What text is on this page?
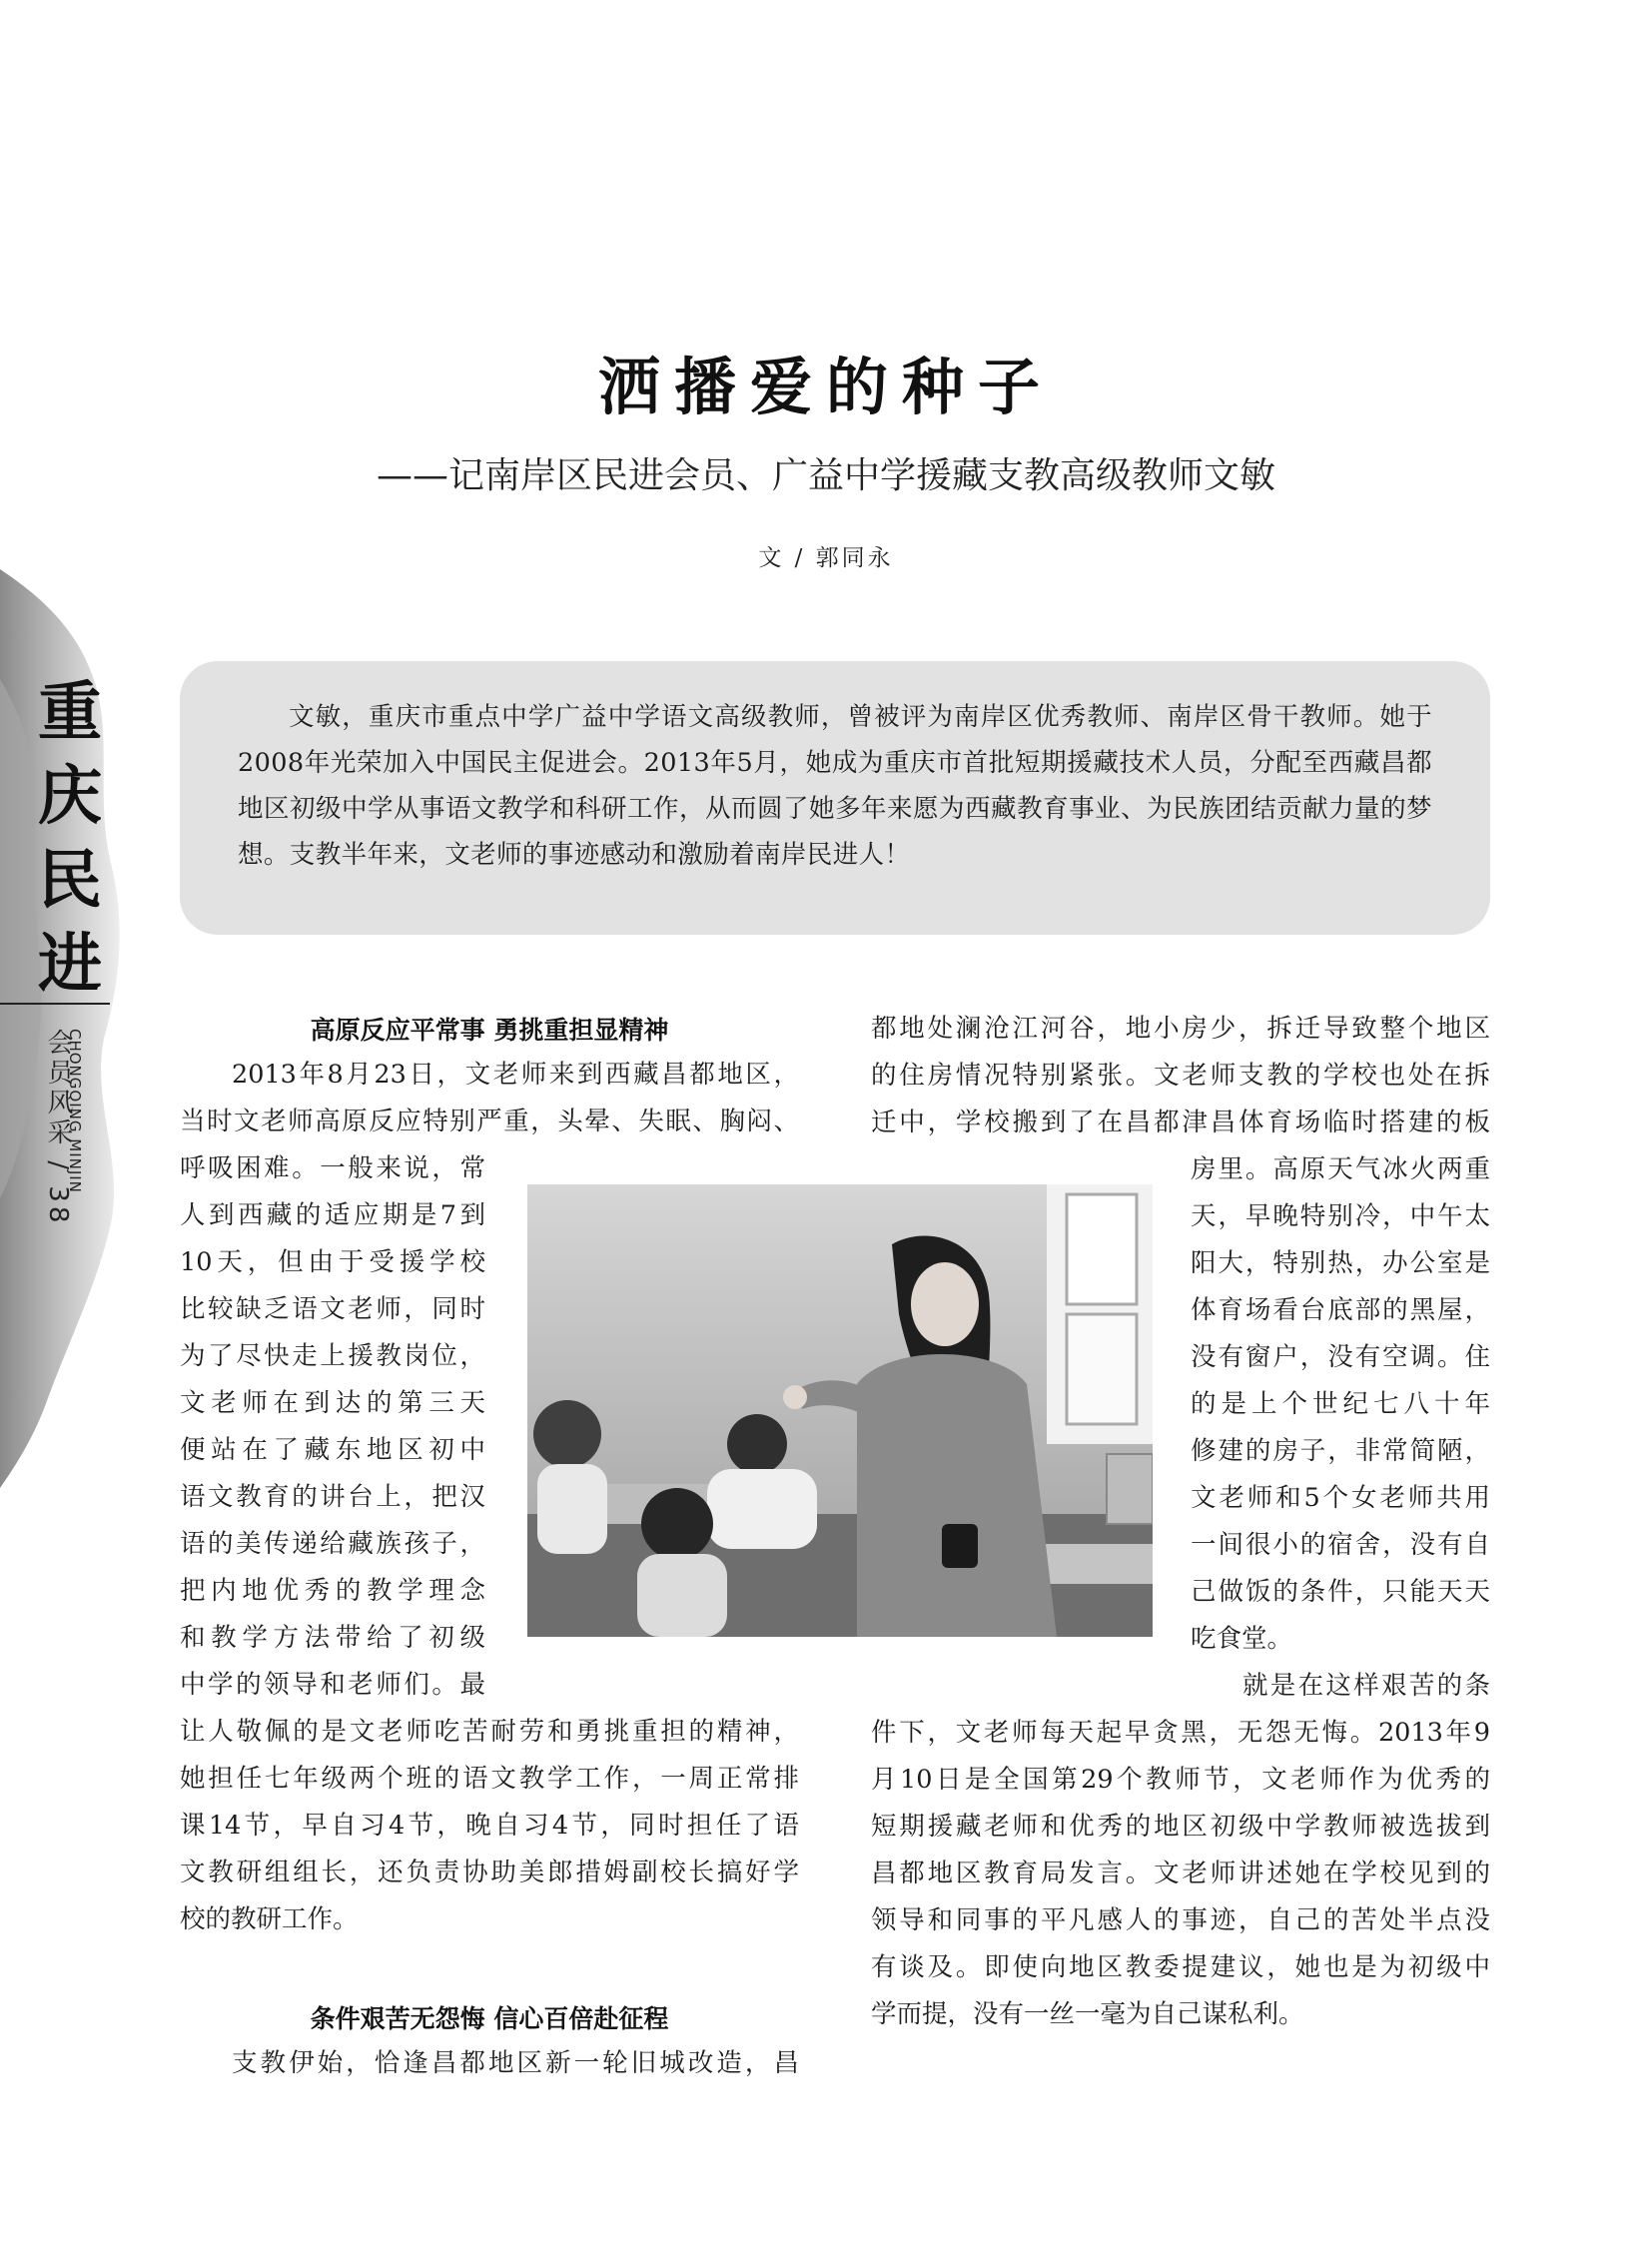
重
庆
民
进
会员风采 / 38
CHONGQING MINJIN
洒播爱的种子
——记南岸区民进会员、广益中学援藏支教高级教师文敏
文 / 郭同永

文敏，重庆市重点中学广益中学语文高级教师，曾被评为南岸区优秀教师、南岸区骨干教师。她于2008年光荣加入中国民主促进会。2013年5月，她成为重庆市首批短期援藏技术人员，分配至西藏昌都地区初级中学从事语文教学和科研工作，从而圆了她多年来愿为西藏教育事业、为民族团结贡献力量的梦想。支教半年来，文老师的事迹感动和激励着南岸民进人！

高原反应平常事 勇挑重担显精神
条件艰苦无怨悔 信心百倍赴征程
2013年8月23日，文老师来到西藏昌都地区，
当时文老师高原反应特别严重，头晕、失眠、胸闷、
呼吸困难。一般来说，常
人到西藏的适应期是7到
10天，但由于受援学校
比较缺乏语文老师，同时
为了尽快走上援教岗位，
文老师在到达的第三天
便站在了藏东地区初中
语文教育的讲台上，把汉
语的美传递给藏族孩子，
把内地优秀的教学理念
和教学方法带给了初级
中学的领导和老师们。最
让人敬佩的是文老师吃苦耐劳和勇挑重担的精神，
她担任七年级两个班的语文教学工作，一周正常排
课14节，早自习4节，晚自习4节，同时担任了语
文教研组组长，还负责协助美郎措姆副校长搞好学
校的教研工作。
支教伊始，恰逢昌都地区新一轮旧城改造，昌
都地处澜沧江河谷，地小房少，拆迁导致整个地区
的住房情况特别紧张。文老师支教的学校也处在拆
迁中，学校搬到了在昌都津昌体育场临时搭建的板
房里。高原天气冰火两重
天，早晚特别冷，中午太
阳大，特别热，办公室是
体育场看台底部的黑屋，
没有窗户，没有空调。住
的是上个世纪七八十年
修建的房子，非常简陋，
文老师和5个女老师共用
一间很小的宿舍，没有自
己做饭的条件，只能天天
吃食堂。
就是在这样艰苦的条
件下，文老师每天起早贪黑，无怨无悔。2013年9
月10日是全国第29个教师节，文老师作为优秀的
短期援藏老师和优秀的地区初级中学教师被选拔到
昌都地区教育局发言。文老师讲述她在学校见到的
领导和同事的平凡感人的事迹，自己的苦处半点没
有谈及。即使向地区教委提建议，她也是为初级中
学而提，没有一丝一毫为自己谋私利。
